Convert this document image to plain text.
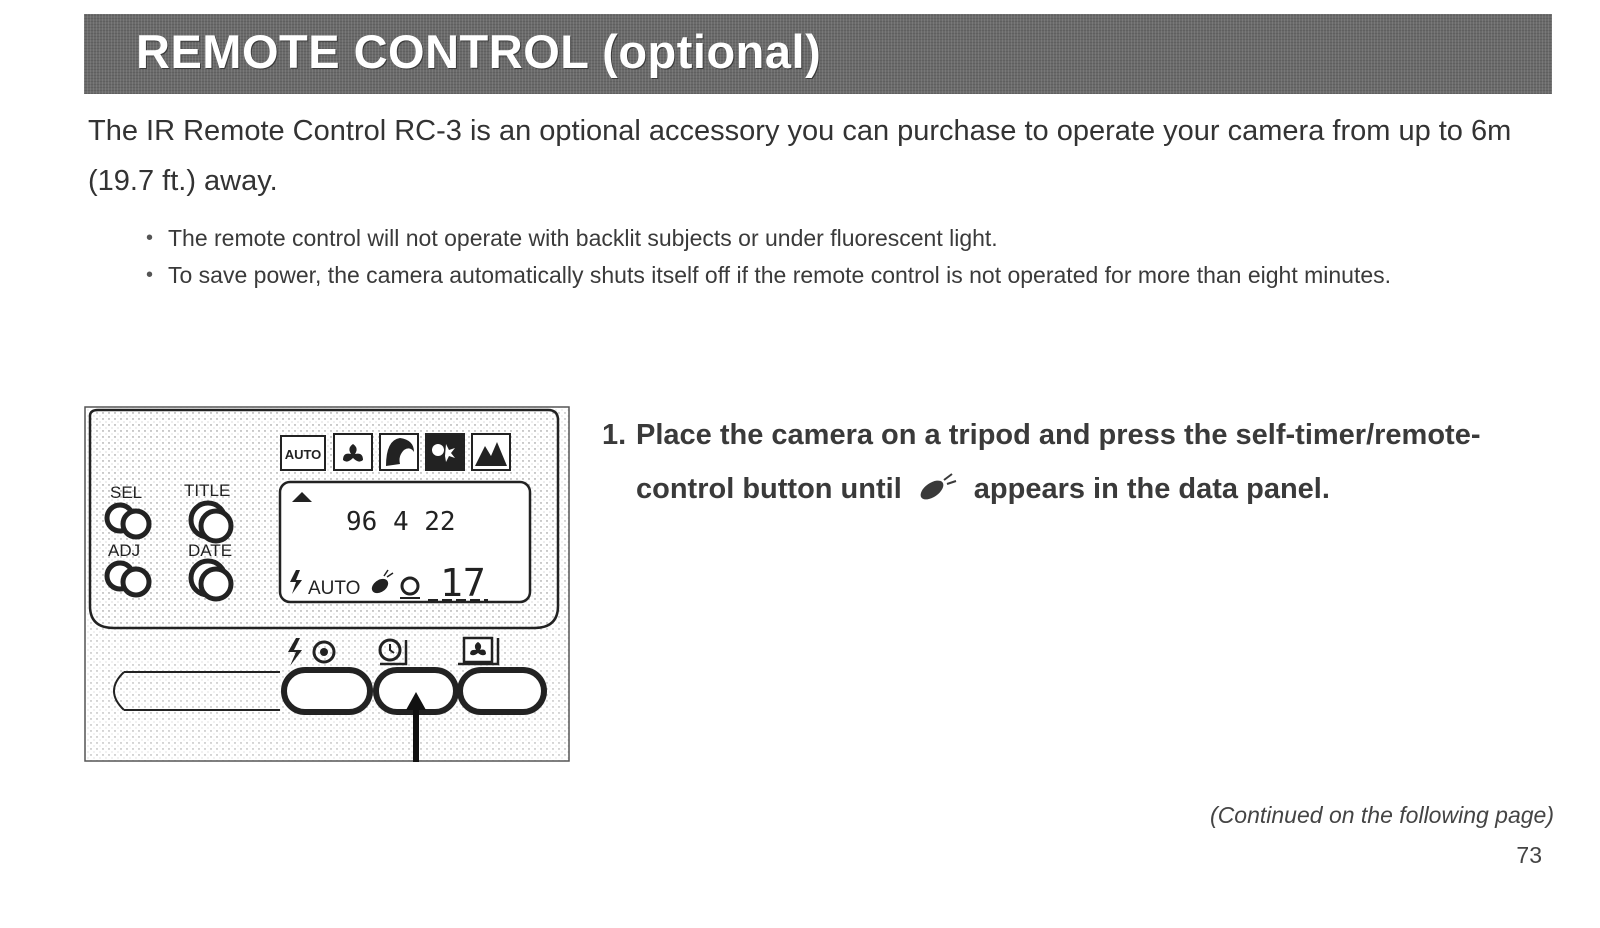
REMOTE CONTROL (optional)

The IR Remote Control RC-3 is an optional accessory you can purchase to operate your camera from up to 6m (19.7 ft.) away.

• The remote control will not operate with backlit subjects or under fluorescent light.
• To save power, the camera automatically shuts itself off if the remote control is not operated for more than eight minutes.
AUTO
SEL TITLE
ADJ	DATE
96 4 22
AUTO 17
1. Place the camera on a tripod and press the self-timer/remote-control button until appears in the data panel.

(Continued on the following page)

73
